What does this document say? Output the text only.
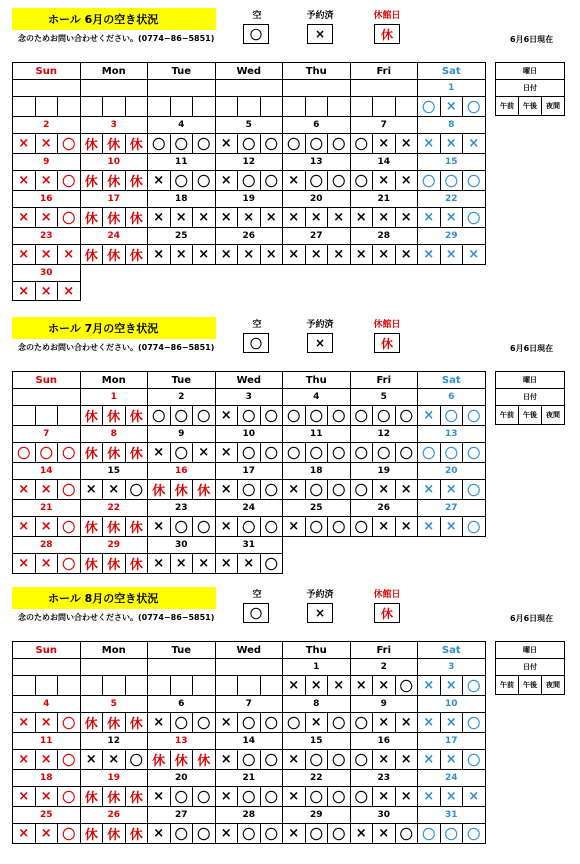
ホール 6月の空き状況
念のためお問い合わせください。(0774−86−5851)
空
〇
予約済
×
休館日
休	6月6日現在
Sun			Mon			Tue			Wed			Thu			Fri			Sat		
																		1		
																		〇	×	〇
2			3			4			5			6			7			8		
×	×	〇	休	休	休	〇	〇	〇	×	〇	〇	〇	〇	〇	〇	×	×	×	×	×
9			10			11			12			13			14			15		
×	×	〇	休	休	休	×	〇	〇	×	〇	〇	×	〇	〇	〇	×	×	〇	〇	〇
16			17			18			19			20			21			22		
×	×	〇	休	休	休	×	×	×	×	×	×	×	×	×	×	×	×	×	×	〇
23			24			25			26			27			28			29		
×	×	×	休	休	休	×	×	×	×	×	×	×	×	×	×	×	×	×	×	×
30																				
×	×	×																		
曜日
日付
午前	午後	夜間
ホール 7月の空き状況
念のためお問い合わせください。(0774−86−5851)
空
〇
予約済
×
休館日
休	6月6日現在
Sun			Mon			Tue			Wed			Thu			Fri			Sat		
			1			2			3			4			5			6		
			休	休	休	〇	〇	〇	×	〇	〇	〇	〇	〇	〇	〇	〇	×	〇	〇
7			8			9			10			11			12			13		
〇	〇	〇	休	休	休	×	〇	×	×	〇	〇	〇	〇	〇	〇	〇	〇	〇	〇	〇
14			15			16			17			18			19			20		
×	×	〇	×	×	〇	休	休	休	×	〇	〇	×	〇	〇	〇	×	×	×	×	〇
21			22			23			24			25			26			27		
×	×	〇	休	休	休	×	〇	〇	×	〇	〇	×	〇	〇	〇	×	×	×	×	〇
28			29			30			31											
×	×	〇	休	休	休	×	×	×	×	×	〇									
曜日
日付
午前	午後	夜間
ホール 8月の空き状況
念のためお問い合わせください。(0774−86−5851)
空
〇
予約済
×
休館日
休	6月6日現在
Sun			Mon			Tue			Wed			Thu			Fri			Sat		
												1			2			3		
												×	×	×	×	×	〇	×	×	〇
4			5			6			7			8			9			10		
×	×	〇	休	休	休	×	〇	〇	×	〇	〇	〇	×	〇	〇	×	×	×	×	〇
11			12			13			14			15			16			17		
×	×	〇	×	×	〇	休	休	休	×	〇	〇	×	〇	〇	〇	×	×	×	×	〇
18			19			20			21			22			23			24		
×	×	〇	休	休	休	×	〇	〇	×	〇	〇	×	〇	〇	〇	×	×	×	×	×
25			26			27			28			29			30			31		
×	×	〇	休	休	休	×	〇	〇	×	〇	〇	×	〇	〇	×	×	〇	〇	〇	〇
曜日
日付
午前	午後	夜間
